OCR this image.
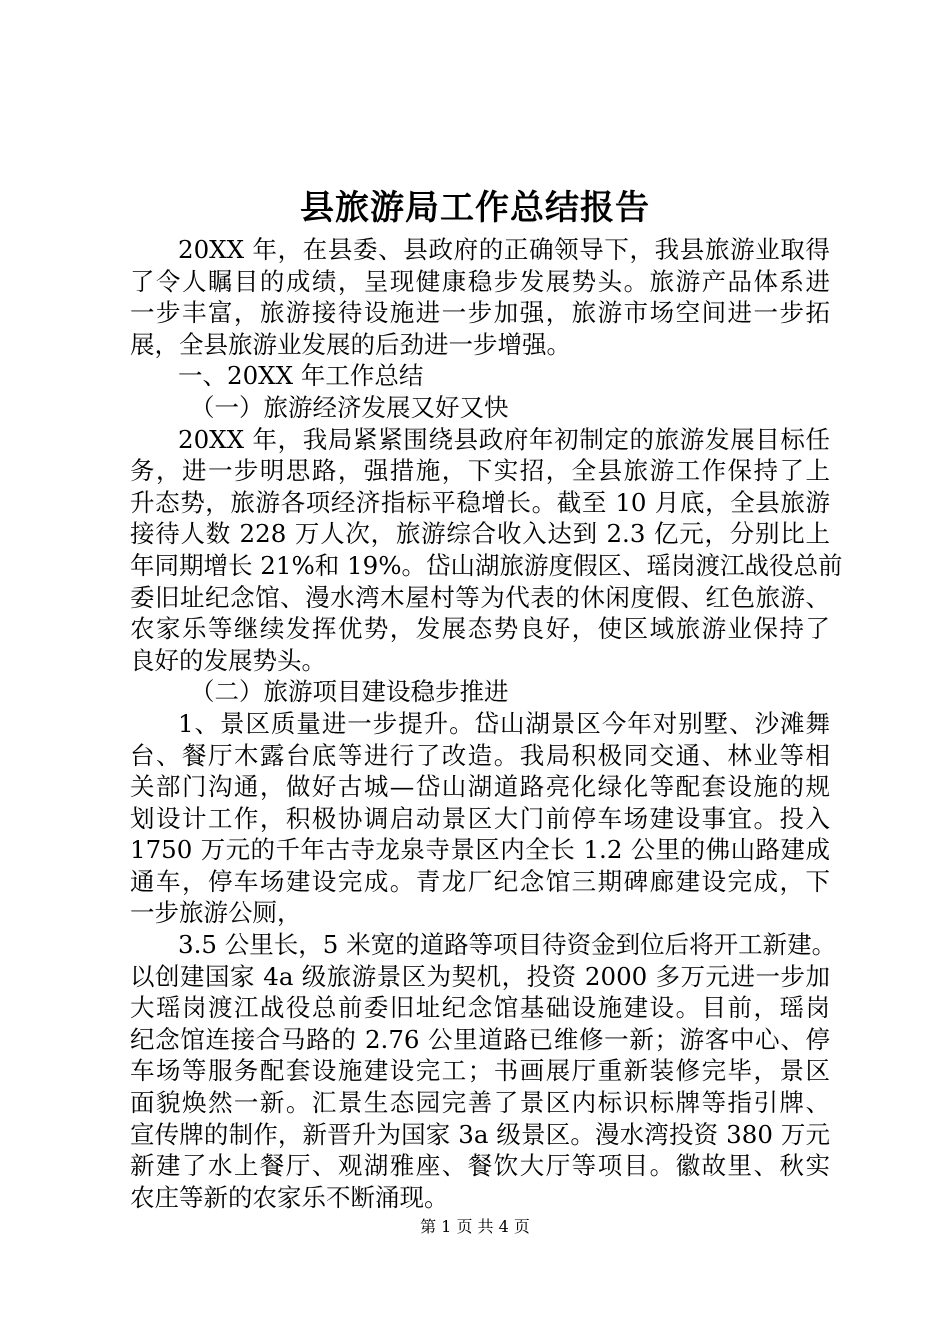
县旅游局工作总结报告
20XX 年，在县委、县政府的正确领导下，我县旅游业取得
了令人瞩目的成绩，呈现健康稳步发展势头。旅游产品体系进
一步丰富，旅游接待设施进一步加强，旅游市场空间进一步拓
展，全县旅游业发展的后劲进一步增强。
一、20XX 年工作总结
（一）旅游经济发展又好又快
20XX 年，我局紧紧围绕县政府年初制定的旅游发展目标任
务，进一步明思路，强措施，下实招，全县旅游工作保持了上
升态势，旅游各项经济指标平稳增长。截至 10 月底，全县旅游
接待人数 228 万人次，旅游综合收入达到 2.3 亿元，分别比上
年同期增长 21%和 19%。岱山湖旅游度假区、瑶岗渡江战役总前
委旧址纪念馆、漫水湾木屋村等为代表的休闲度假、红色旅游、
农家乐等继续发挥优势，发展态势良好，使区域旅游业保持了
良好的发展势头。
（二）旅游项目建设稳步推进
1、景区质量进一步提升。岱山湖景区今年对别墅、沙滩舞
台、餐厅木露台底等进行了改造。我局积极同交通、林业等相
关部门沟通，做好古城—岱山湖道路亮化绿化等配套设施的规
划设计工作，积极协调启动景区大门前停车场建设事宜。投入
1750 万元的千年古寺龙泉寺景区内全长 1.2 公里的佛山路建成
通车，停车场建设完成。青龙厂纪念馆三期碑廊建设完成，下
一步旅游公厕，
3.5 公里长，5 米宽的道路等项目待资金到位后将开工新建。
以创建国家 4a 级旅游景区为契机，投资 2000 多万元进一步加
大瑶岗渡江战役总前委旧址纪念馆基础设施建设。目前，瑶岗
纪念馆连接合马路的 2.76 公里道路已维修一新；游客中心、停
车场等服务配套设施建设完工；书画展厅重新装修完毕，景区
面貌焕然一新。汇景生态园完善了景区内标识标牌等指引牌、
宣传牌的制作，新晋升为国家 3a 级景区。漫水湾投资 380 万元
新建了水上餐厅、观湖雅座、餐饮大厅等项目。徽故里、秋实
农庄等新的农家乐不断涌现。
第 1 页 共 4 页
